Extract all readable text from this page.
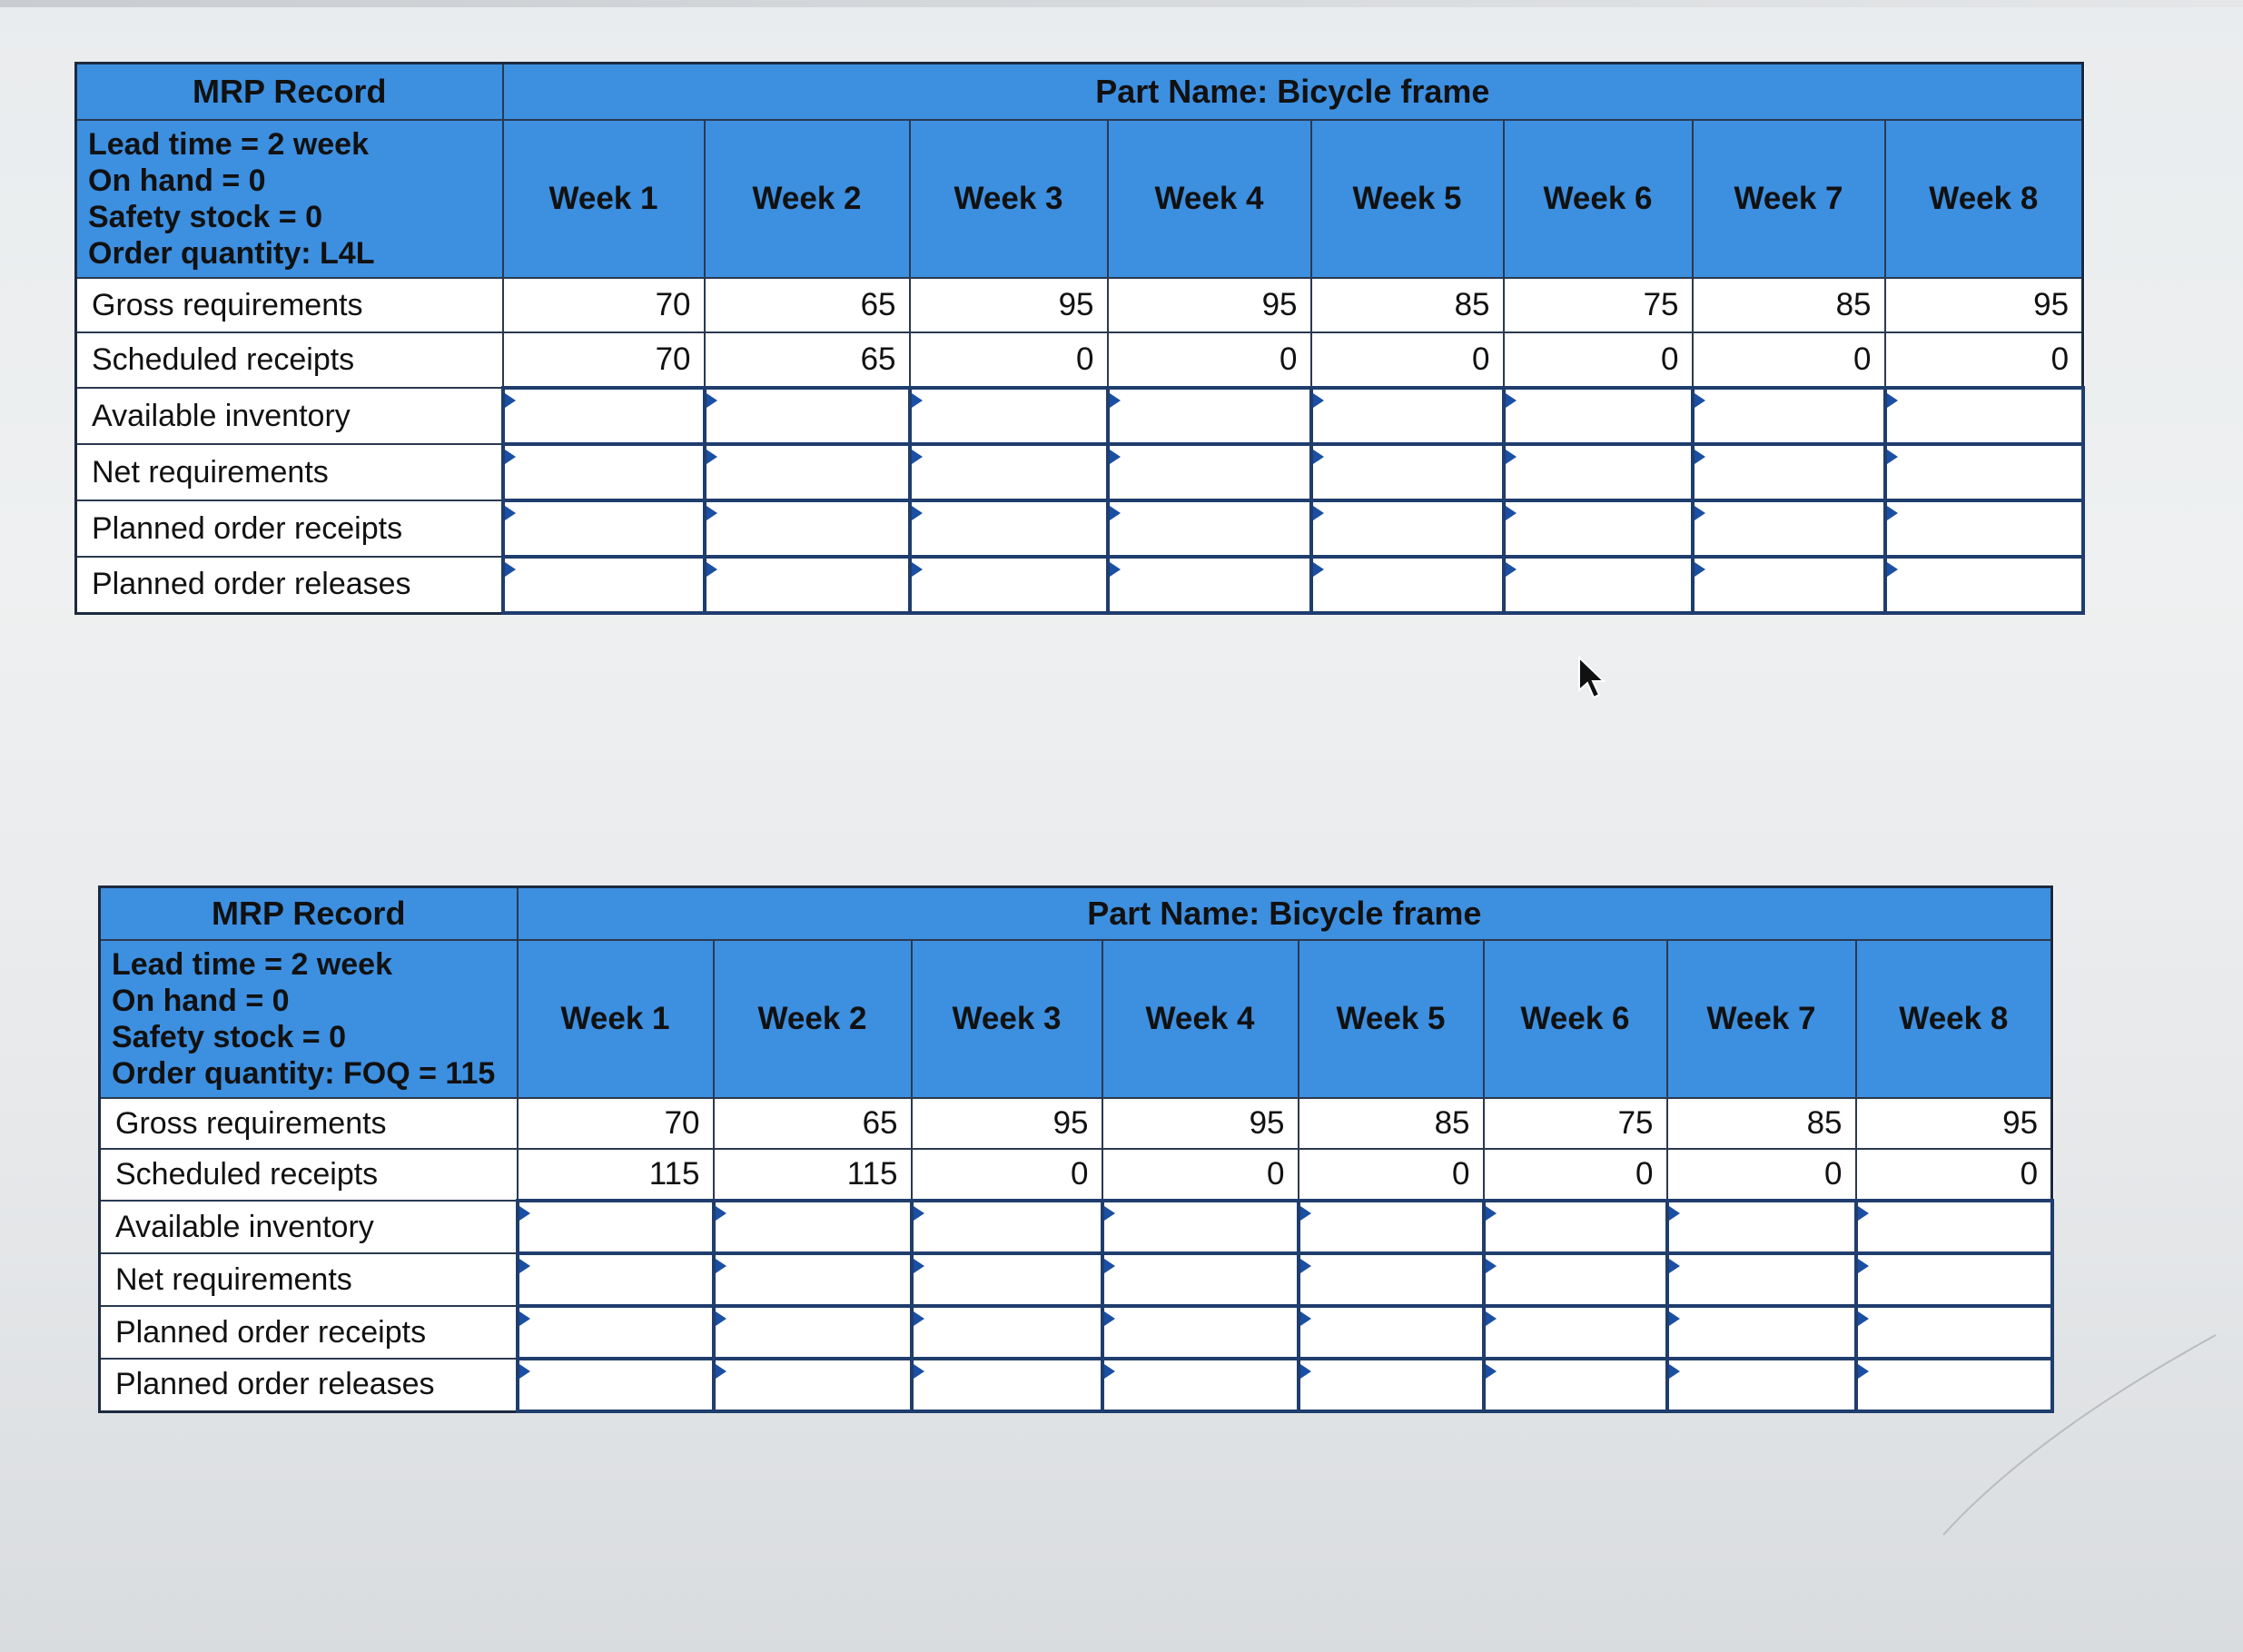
MRP Record	Part Name: Bicycle frame							

Lead time = 2 week
On hand = 0
Safety stock = 0
Order quantity: L4L	Week 1	Week 2	Week 3	Week 4	Week 5	Week 6	Week 7	Week 8
Gross requirements	70	65	95	95	85	75	85	95
Scheduled receipts	70	65	0	0	0	0	0	0
Available inventory	

Net requirements	

Planned order receipts	

Planned order releases	

MRP Record	Part Name: Bicycle frame							

Lead time = 2 week
On hand = 0
Safety stock = 0
Order quantity: FOQ = 115	Week 1	Week 2	Week 3	Week 4	Week 5	Week 6	Week 7	Week 8
Gross requirements	70	65	95	95	85	75	85	95
Scheduled receipts	115	115	0	0	0	0	0	0
Available inventory	

Net requirements	

Planned order receipts	

Planned order releases	
